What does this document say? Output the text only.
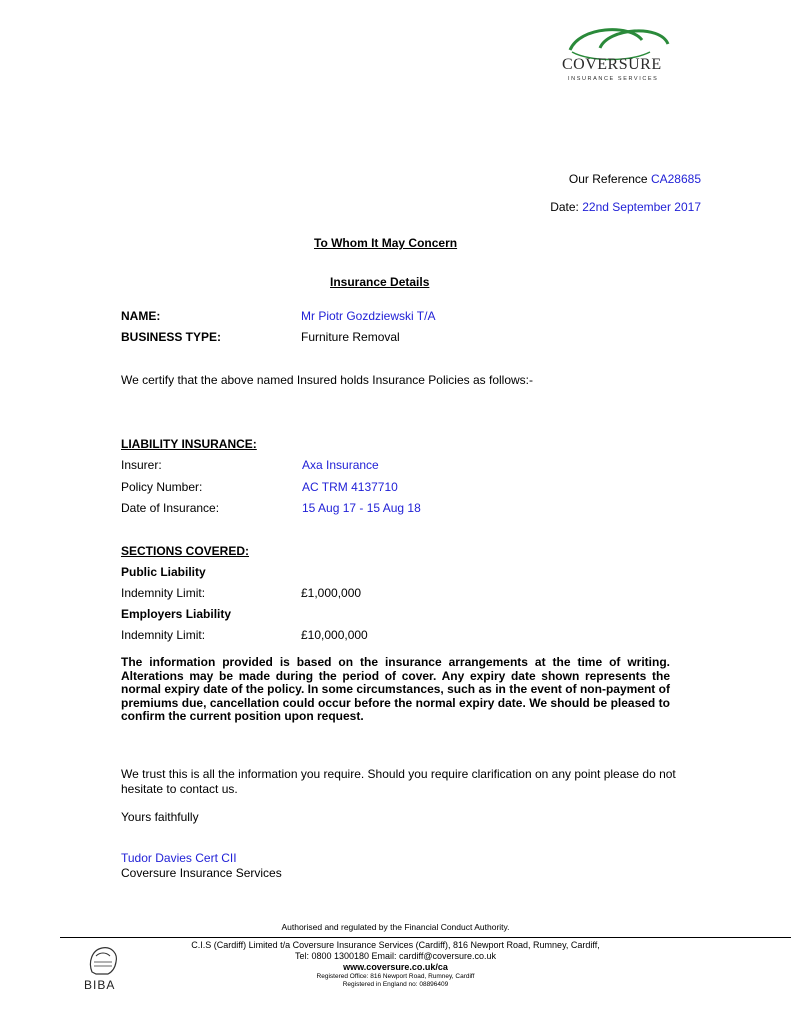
COVERSURE
INSURANCE SERVICES
Our Reference CA28685
Date: 22nd September 2017
To Whom It May Concern
Insurance Details
NAME:	Mr Piotr Gozdziewski T/A
BUSINESS TYPE:	Furniture Removal
We certify that the above named Insured holds Insurance Policies as follows:-
LIABILITY INSURANCE:
Insurer:	Axa Insurance
Policy Number:	AC TRM 4137710
Date of Insurance:	15 Aug 17 - 15 Aug 18
SECTIONS COVERED:
Public Liability
Indemnity Limit:	£1,000,000
Employers Liability
Indemnity Limit:	£10,000,000
The information provided is based on the insurance arrangements at the time of writing. Alterations may be made during the period of cover. Any expiry date shown represents the normal expiry date of the policy. In some circumstances, such as in the event of non-payment of premiums due, cancellation could occur before the normal expiry date. We should be pleased to confirm the current position upon request.
We trust this is all the information you require. Should you require clarification on any point please do not hesitate to contact us.
Yours faithfully
Tudor Davies Cert CII
Coversure Insurance Services
Authorised and regulated by the Financial Conduct Authority.
BIBA
C.I.S (Cardiff) Limited t/a Coversure Insurance Services (Cardiff), 816 Newport Road, Rumney, Cardiff,
Tel: 0800 1300180 Email: cardiff@coversure.co.uk
www.coversure.co.uk/ca
Registered Office: 816 Newport Road, Rumney, Cardiff
Registered in England no: 08896409
